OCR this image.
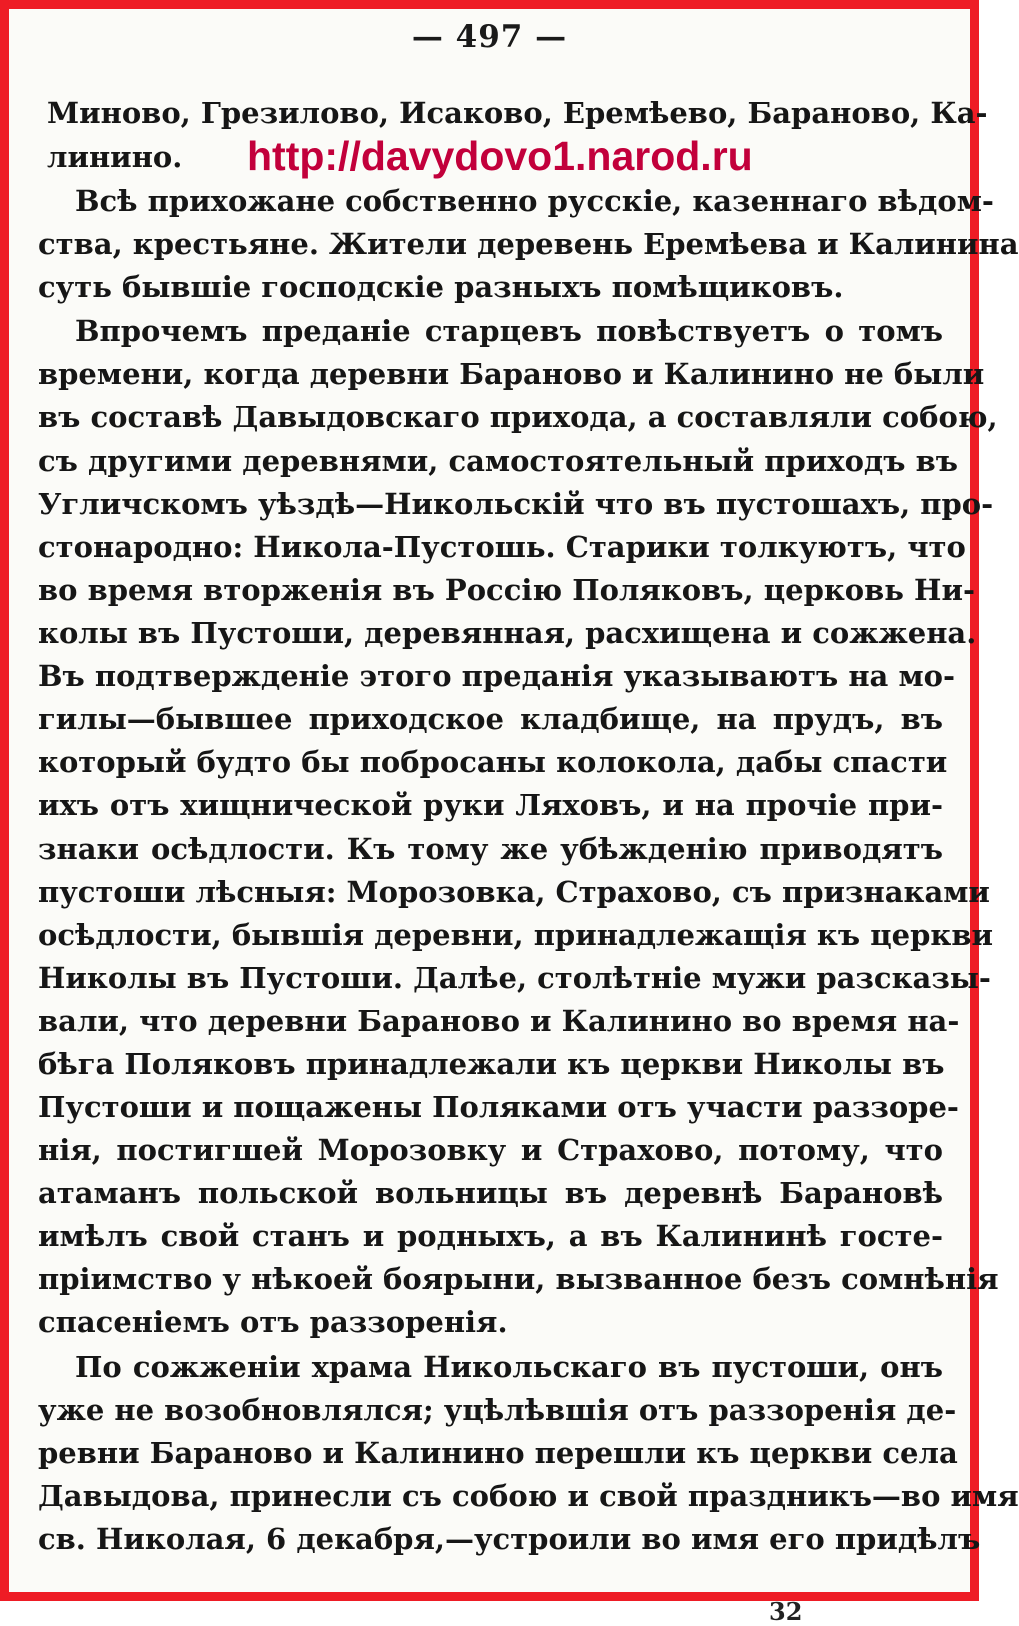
— 497 —
Миново, Грезилово, Исаково, Еремѣево, Бараново, Ка-
линино.
Всѣ прихожане собственно русскіе, казеннаго вѣдом-
ства, крестьяне. Жители деревень Еремѣева и Калинина
суть бывшіе господскіе разныхъ помѣщиковъ.
Впрочемъ преданіе старцевъ повѣствуетъ о томъ
времени, когда деревни Бараново и Калинино не были
въ составѣ Давыдовскаго прихода, а составляли собою,
съ другими деревнями, самостоятельный приходъ въ
Угличскомъ уѣздѣ—Никольскій что въ пустошахъ, про-
стонародно: Никола-Пустошь. Старики толкуютъ, что
во время вторженія въ Россію Поляковъ, церковь Ни-
колы въ Пустоши, деревянная, расхищена и сожжена.
Въ подтвержденіе этого преданія указываютъ на мо-
гилы—бывшее приходское кладбище, на прудъ, въ
который будто бы побросаны колокола, дабы спасти
ихъ отъ хищнической руки Ляховъ, и на прочіе при-
знаки осѣдлости. Къ тому же убѣжденію приводятъ
пустоши лѣсныя: Морозовка, Страхово, съ признаками
осѣдлости, бывшія деревни, принадлежащія къ церкви
Николы въ Пустоши. Далѣе, столѣтніе мужи разсказы-
вали, что деревни Бараново и Калинино во время на-
бѣга Поляковъ принадлежали къ церкви Николы въ
Пустоши и пощажены Поляками отъ участи раззоре-
нія, постигшей Морозовку и Страхово, потому, что
атаманъ польской вольницы въ деревнѣ Барановѣ
имѣлъ свой станъ и родныхъ, а въ Калининѣ госте-
пріимство у нѣкоей боярыни, вызванное безъ сомнѣнія
спасеніемъ отъ раззоренія.
По сожженіи храма Никольскаго въ пустоши, онъ
уже не возобновлялся; уцѣлѣвшія отъ раззоренія де-
ревни Бараново и Калинино перешли къ церкви села
Давыдова, принесли съ собою и свой праздникъ—во имя
св. Николая, 6 декабря,—устроили во имя его придѣлъ
http://davydovo1.narod.ru
32
